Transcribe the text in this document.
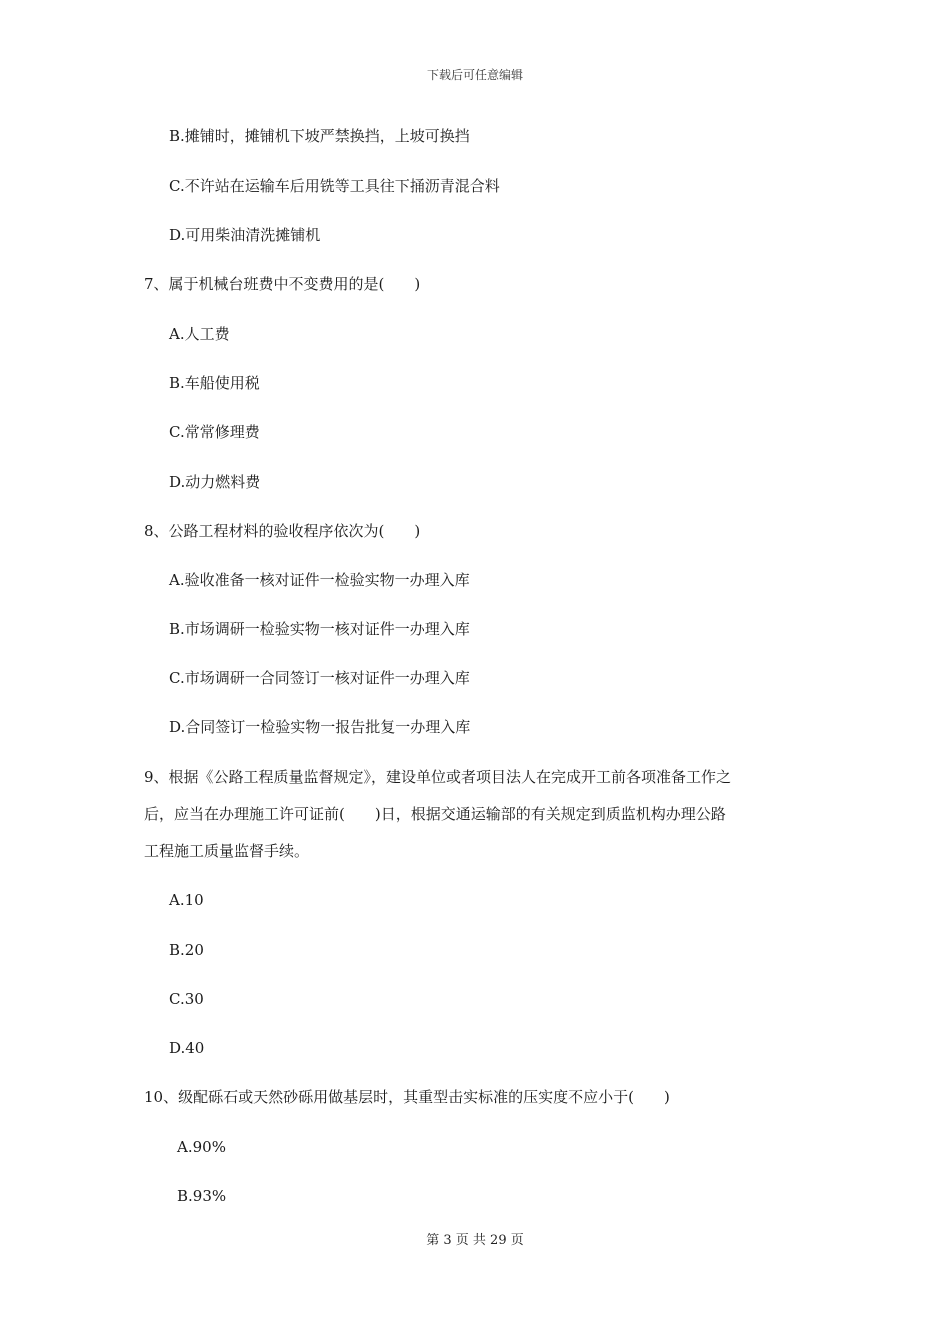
下载后可任意编辑
B.摊铺时，摊铺机下坡严禁换挡，上坡可换挡
C.不许站在运输车后用铣等工具往下捅沥青混合料
D.可用柴油清洗摊铺机
7、属于机械台班费中不变费用的是(　　)
A.人工费
B.车船使用税
C.常常修理费
D.动力燃料费
8、公路工程材料的验收程序依次为(　　)
A.验收准备一核对证件一检验实物一办理入库
B.市场调研一检验实物一核对证件一办理入库
C.市场调研一合同签订一核对证件一办理入库
D.合同签订一检验实物一报告批复一办理入库
9、根据《公路工程质量监督规定》，建设单位或者项目法人在完成开工前各项准备工作之
后，应当在办理施工许可证前(　　)日，根据交通运输部的有关规定到质监机构办理公路
工程施工质量监督手续。
A.10
B.20
C.30
D.40
10、级配砾石或天然砂砾用做基层时，其重型击实标准的压实度不应小于(　　)
A.90%
B.93%
第 3 页 共 29 页
